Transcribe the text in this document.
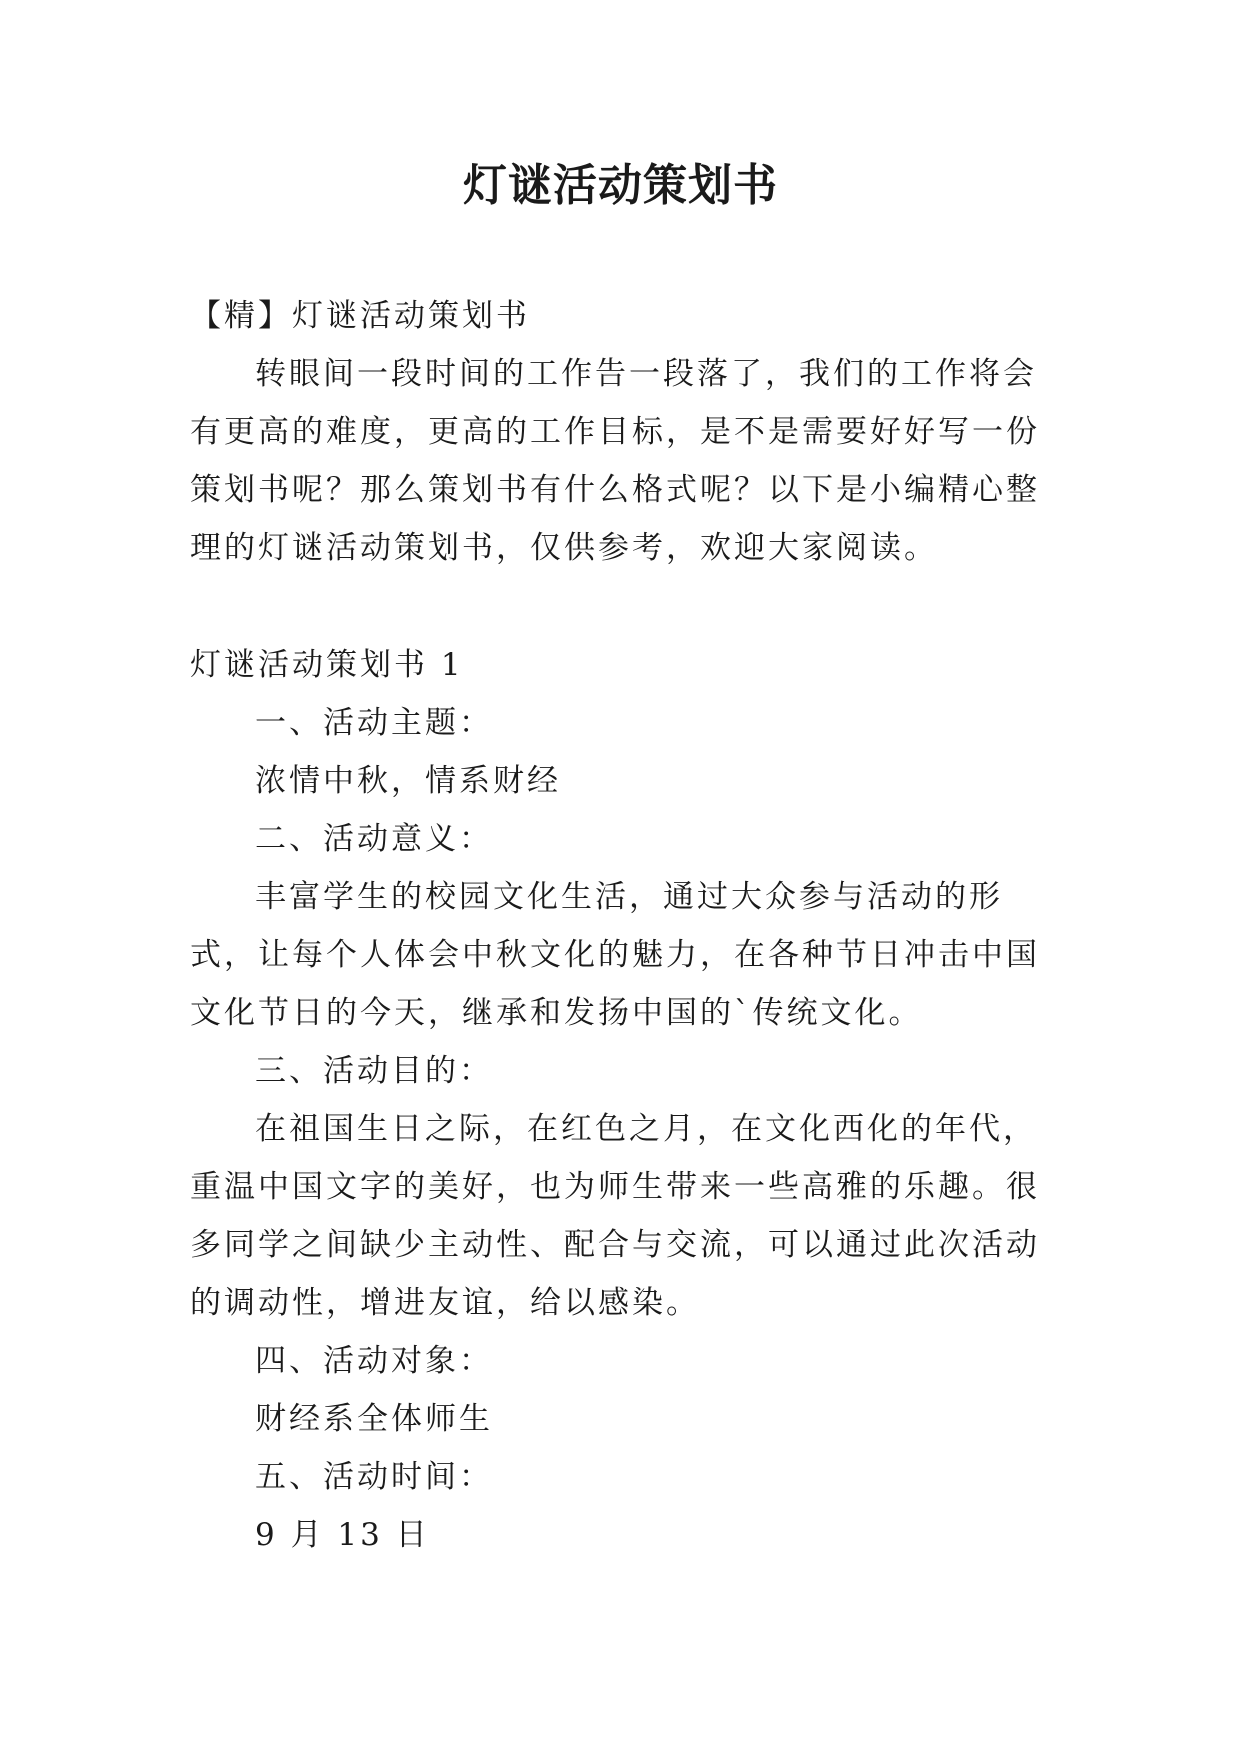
灯谜活动策划书
【精】灯谜活动策划书

转眼间一段时间的工作告一段落了，我们的工作将会有更高的难度，更高的工作目标，是不是需要好好写一份策划书呢？那么策划书有什么格式呢？以下是小编精心整理的灯谜活动策划书，仅供参考，欢迎大家阅读。

灯谜活动策划书 1

一、活动主题：

浓情中秋，情系财经

二、活动意义：

丰富学生的校园文化生活，通过大众参与活动的形式，让每个人体会中秋文化的魅力，在各种节日冲击中国文化节日的今天，继承和发扬中国的`传统文化。

三、活动目的：

在祖国生日之际，在红色之月，在文化西化的年代，重温中国文字的美好，也为师生带来一些高雅的乐趣。很多同学之间缺少主动性、配合与交流，可以通过此次活动的调动性，增进友谊，给以感染。

四、活动对象：

财经系全体师生

五、活动时间：

9 月 13 日
